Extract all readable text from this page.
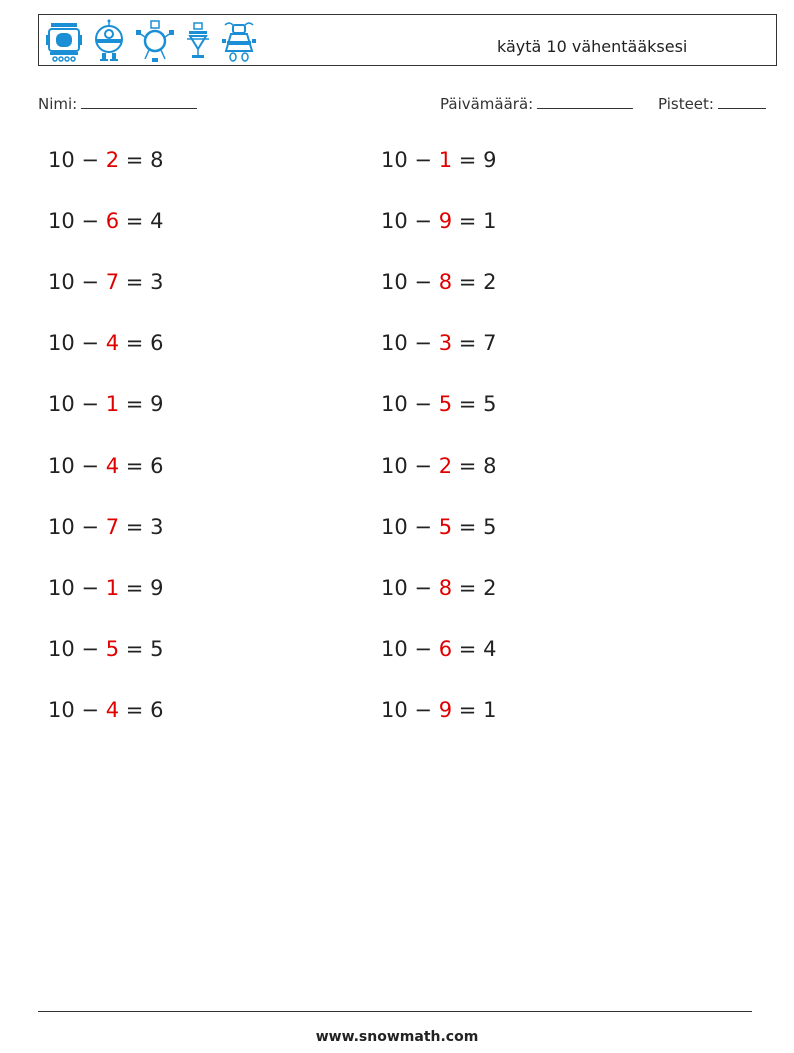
käytä 10 vähentääksesi
Nimi:	Päivämäärä:	Pisteet:
10 − 2 = 8	10 − 1 = 9
10 − 6 = 4	10 − 9 = 1
10 − 7 = 3	10 − 8 = 2
10 − 4 = 6	10 − 3 = 7
10 − 1 = 9	10 − 5 = 5
10 − 4 = 6	10 − 2 = 8
10 − 7 = 3	10 − 5 = 5
10 − 1 = 9	10 − 8 = 2
10 − 5 = 5	10 − 6 = 4
10 − 4 = 6	10 − 9 = 1
www.snowmath.com
